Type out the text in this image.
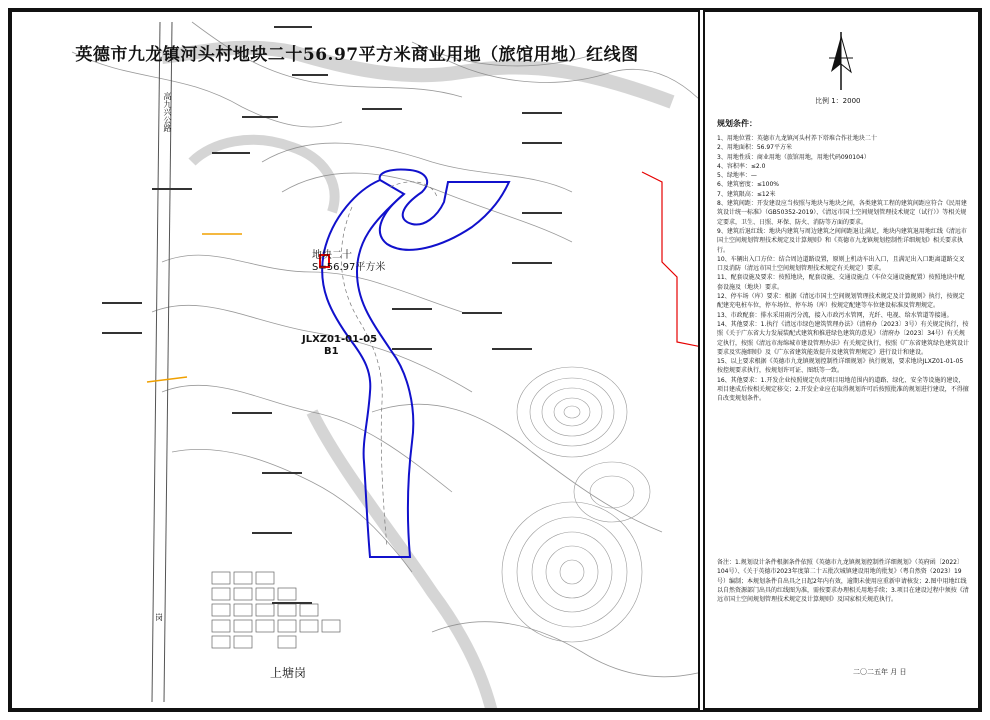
英德市九龙镇河头村地块二十56.97平方米商业用地（旅馆用地）红线图
高九兴公路
地块二十
S=56.97平方米
JLXZ01-01-05
B1
上塘岗
岗
比例 1：2000
规划条件：

1、用地位置：英德市九龙镇河头村养下塔堆合作社地块二十

2、用地面积：56.97平方米

3、用地性质：商业用地（旅馆用地，用地代码090104）

4、容积率：≤2.0

5、绿地率：—

6、建筑密度：≤100%

7、建筑限高：≤12米

8、建筑间距：开发建设应当按照与地块与地块之间，各类建筑工程的建筑间距应符合《民用建筑设计统一标准》（GB50352-2019）、《清远市国土空间规划管理技术规定（试行）》等相关规定要求，卫生、日照、环保、防火、消防等方面的要求。

9、建筑后退红线：地块内建筑与周边建筑之间间距退让满足，地块内建筑退用地红线《清远市国土空间规划管理技术规定及计算规则》和《英德市九龙镇规划控制性详细规划》相关要求执行。

10、车辆出入口方位：结合周边道路设置，原则上机动车出入口，且满足出入口距离道路交叉口及消防（清远市国土空间规划管理技术规定有关规定）要求。

11、配套设施及要求：按照地块，配套设施、交通设施点（车位交通设施配置）按照地块中配套设施及（地块）要求。

12、停车场（库）要求：根据《清远市国土空间规划管理技术规定及计算规则》执行，按规定配建充电桩车位，停车场位、停车场（库）按规定配建等车位建设标准及管理规定。

13、市政配套：排水采用雨污分流，接入市政污水管网，光纤、电视、给水管道等接通。

14、其他要求：1.执行《清远市绿色建筑管理办法》（清府办〔2023〕3号）有关规定执行，按照《关于广东省大力发展装配式建筑和推进绿色建筑的意见》（清府办〔2023〕34号）有关规定执行，按照《清远市海绵城市建设管理办法》有关规定执行，按照《广东省建筑绿色建筑设计要求及实施细则》及《广东省建筑能效提升及建筑管理规定》进行设计和建设。

15、以上要求根据《英德市九龙镇规划控制性详细规划》执行规划，要求地块JLXZ01-01-05按控规要求执行，按规划许可证、图纸等一致。

16、其他要求：1.开发企业按照规定负责项目用地范围内的道路、绿化、安全等设施的建设，项目建成后按相关规定移交；2.开发企业应在取得规划许可后按照批准的规划进行建设，不得擅自改变规划条件。

备注：1.规划设计条件根据条件依照《英德市九龙镇规划控制性详细规划》（英府函〔2022〕104号）、《关于英德市2023年度第二十五批次城镇建设用地的批复》（粤自然资（2023）19号）编制；本规划条件自出具之日起2年内有效，逾期未使用应重新申请核发；2.图中用地红线以自然资源部门出具的红线图为准，需按要求办理相关用地手续；3.项目在建设过程中须按《清远市国土空间规划管理技术规定及计算规则》及国家相关规范执行。
二〇二五年 月 日
